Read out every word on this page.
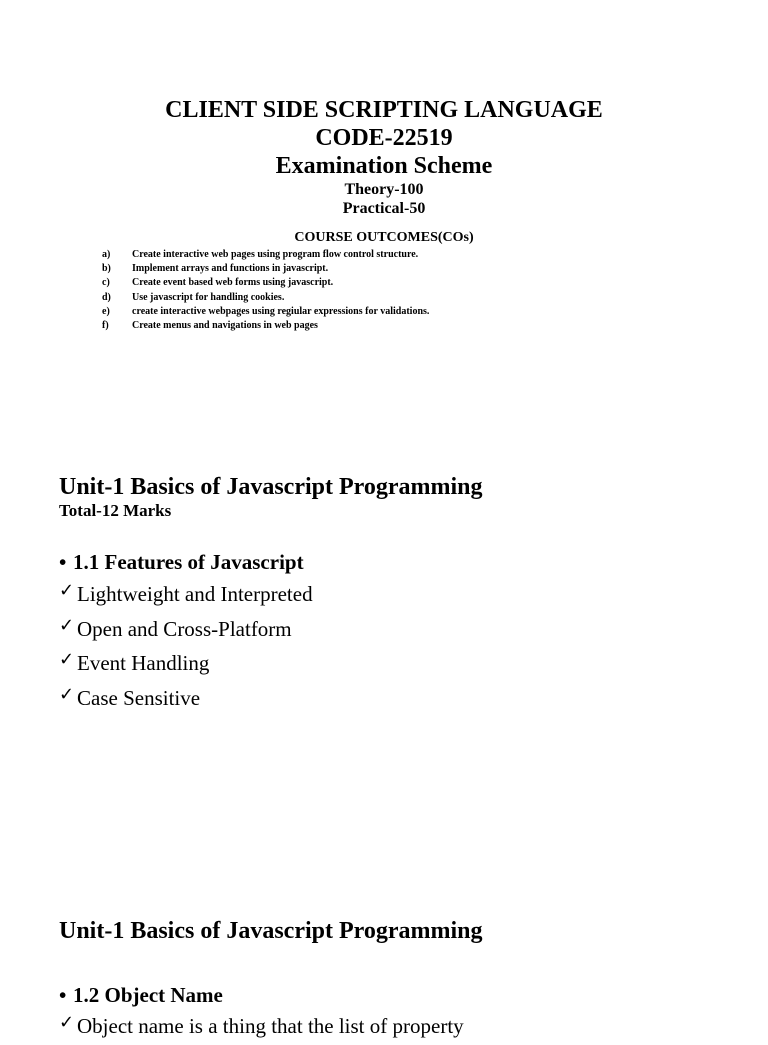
CLIENT SIDE SCRIPTING LANGUAGE
CODE-22519
Examination Scheme
Theory-100
Practical-50
COURSE OUTCOMES(COs)
a)	Create interactive web pages using program flow control structure.
b)	Implement arrays and functions in javascript.
c)	Create event based web forms using javascript.
d)	Use javascript for handling cookies.
e)	create interactive webpages using regiular expressions for validations.
f)	Create menus and navigations in web pages
Unit-1 Basics of Javascript Programming
Total-12 Marks
• 1.1 Features of Javascript
✓ Lightweight and Interpreted
✓ Open and Cross-Platform
✓ Event Handling
✓ Case Sensitive
Unit-1 Basics of Javascript Programming
• 1.2 Object Name
✓ Object name is a thing that the list of property
